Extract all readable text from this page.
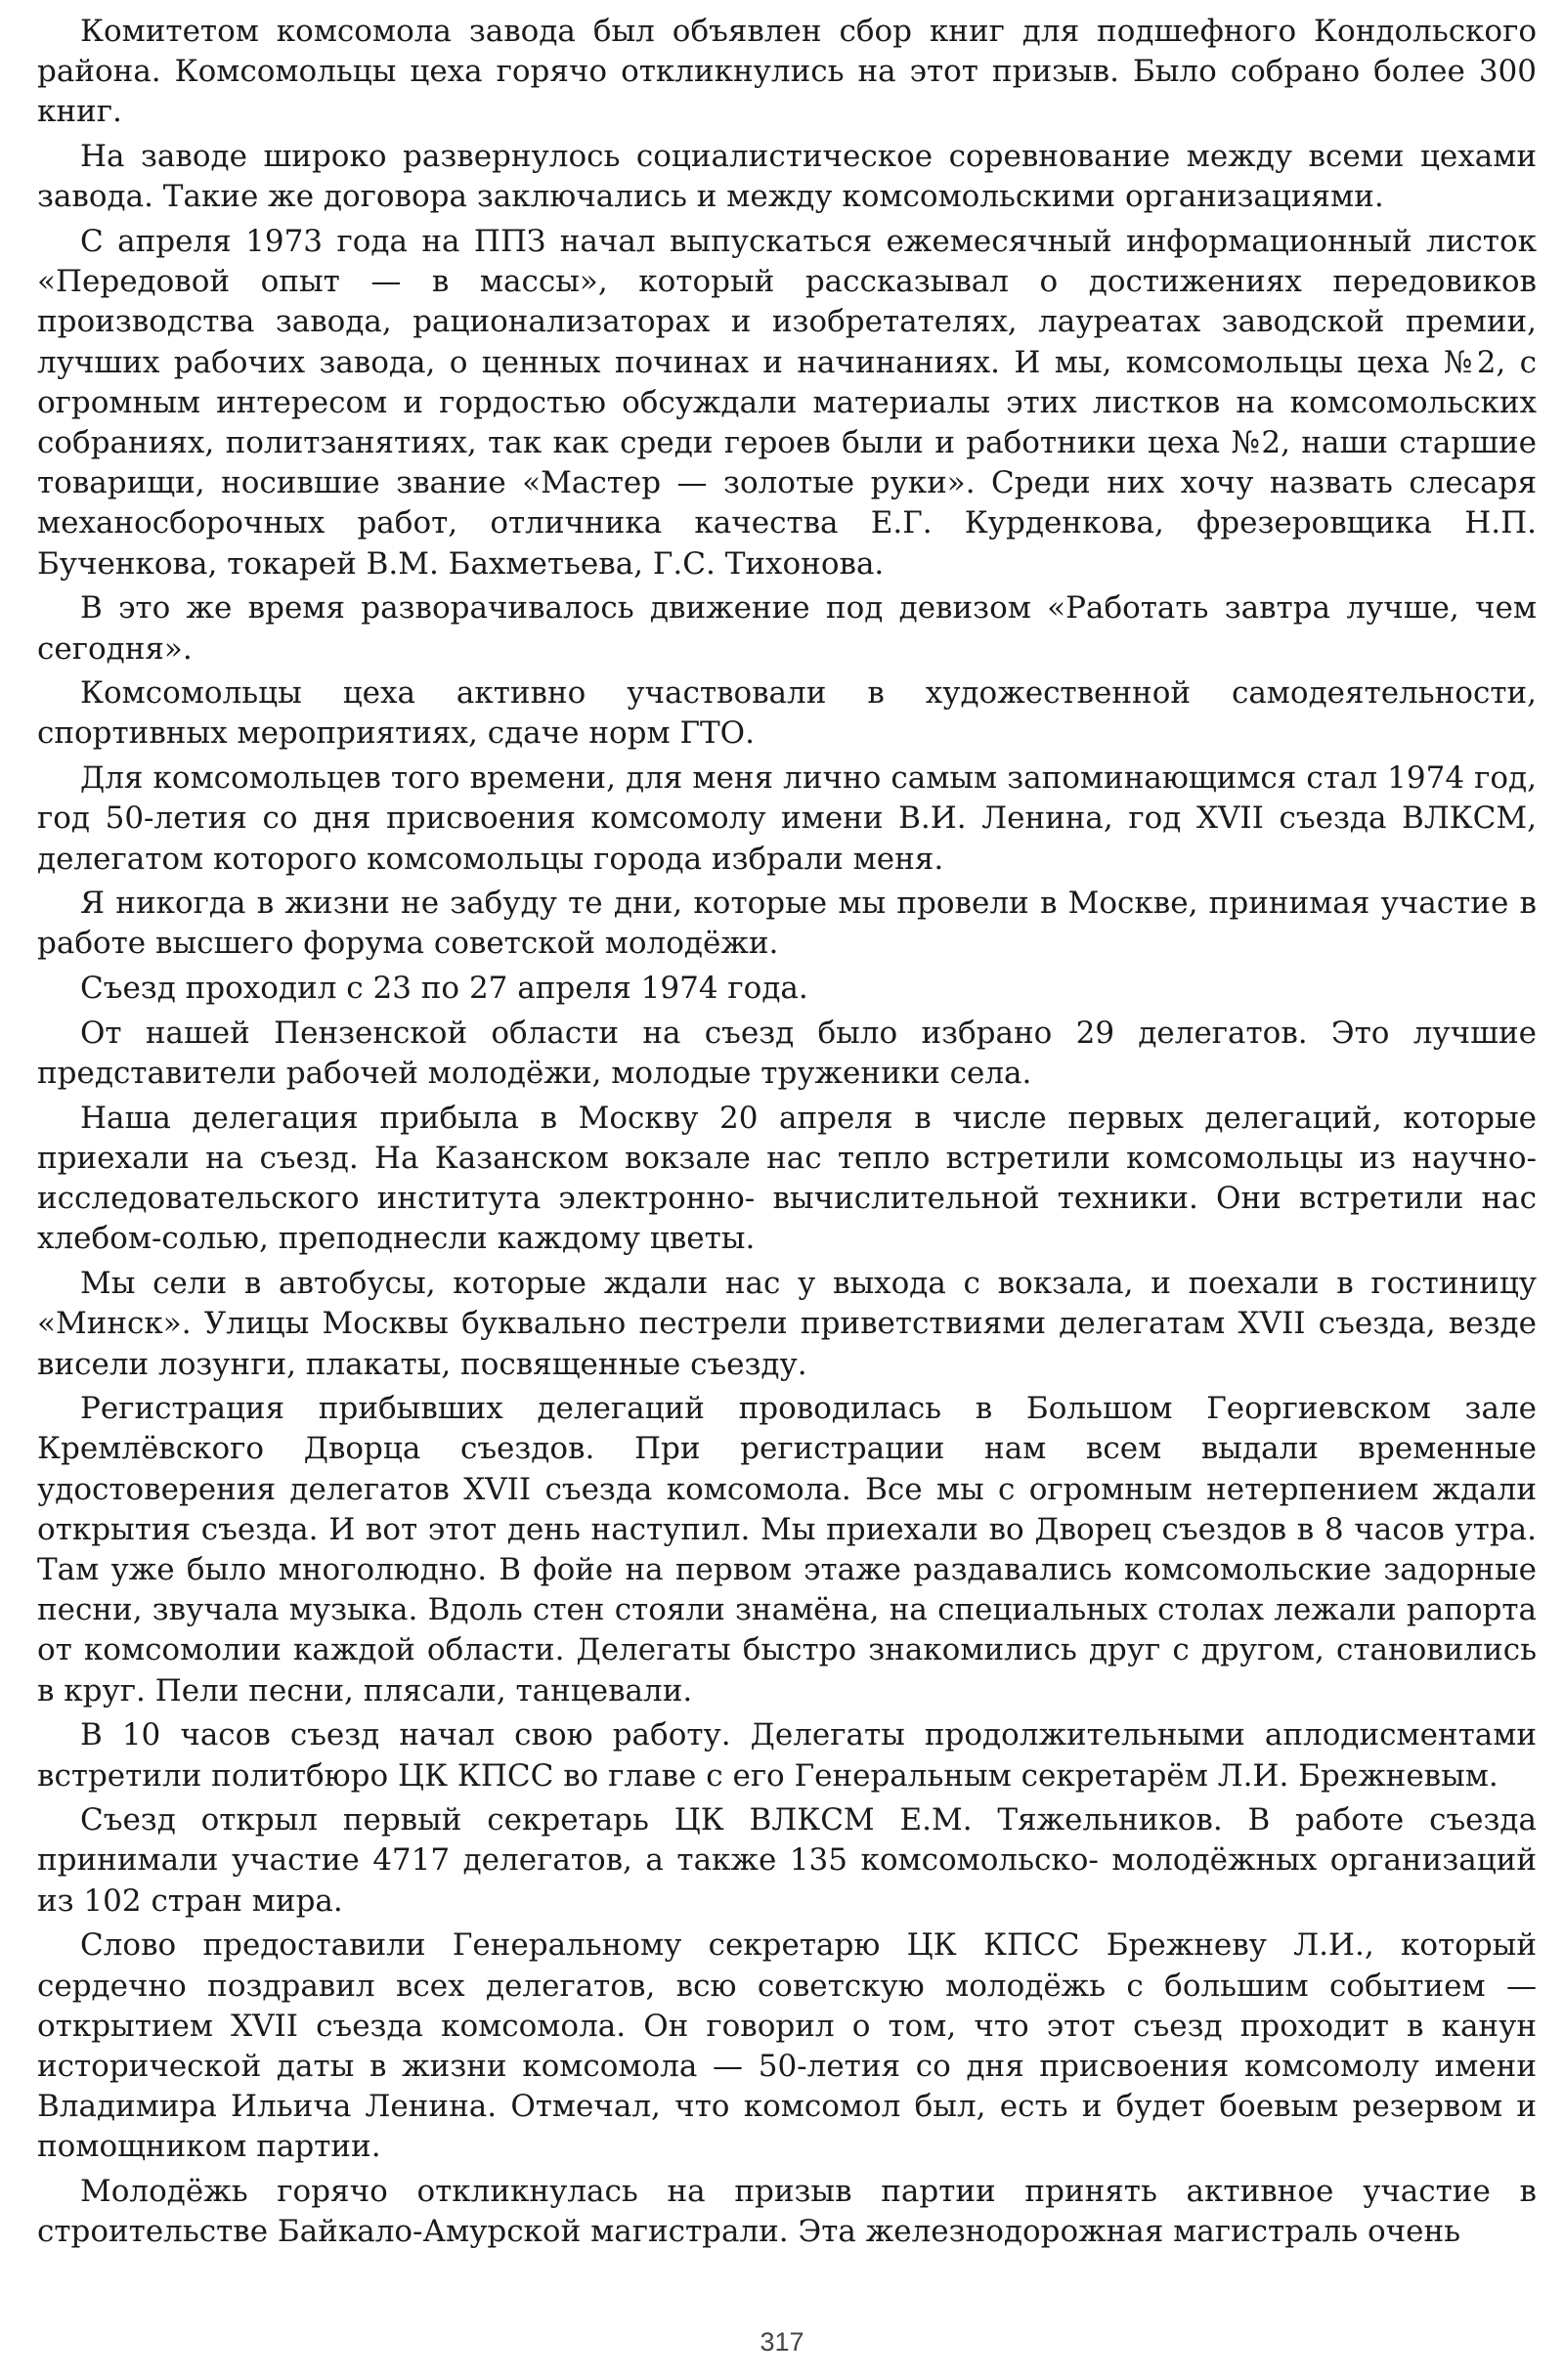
Комитетом комсомола завода был объявлен сбор книг для подшефного Кондольского района. Комсомольцы цеха горячо откликнулись на этот призыв. Было собрано более 300 книг.

На заводе широко развернулось социалистическое соревнование между всеми цехами завода. Такие же договора заключались и между комсомольскими организациями.

С апреля 1973 года на ППЗ начал выпускаться ежемесячный информационный листок «Передовой опыт — в массы», который рассказывал о достижениях передовиков производства завода, рационализаторах и изобретателях, лауреатах заводской премии, лучших рабочих завода, о ценных починах и начинаниях. И мы, комсомольцы цеха №2, с огромным интересом и гордостью обсуждали материалы этих листков на комсомольских собраниях, политзанятиях, так как среди героев были и работники цеха №2, наши старшие товарищи, носившие звание «Мастер — золотые руки». Среди них хочу назвать слесаря механосборочных работ, отличника качества Е.Г. Курденкова, фрезеровщика Н.П. Бученкова, токарей В.М. Бахметьева, Г.С. Тихонова.

В это же время разворачивалось движение под девизом «Работать завтра лучше, чем сегодня».

Комсомольцы цеха активно участвовали в художественной самодеятельности, спортивных мероприятиях, сдаче норм ГТО.

Для комсомольцев того времени, для меня лично самым запоминающимся стал 1974 год, год 50-летия со дня присвоения комсомолу имени В.И. Ленина, год XVII съезда ВЛКСМ, делегатом которого комсомольцы города избрали меня.

Я никогда в жизни не забуду те дни, которые мы провели в Москве, принимая участие в работе высшего форума советской молодёжи.

Съезд проходил с 23 по 27 апреля 1974 года.

От нашей Пензенской области на съезд было избрано 29 делегатов. Это лучшие представители рабочей молодёжи, молодые труженики села.

Наша делегация прибыла в Москву 20 апреля в числе первых делегаций, которые приехали на съезд. На Казанском вокзале нас тепло встретили комсомольцы из научно-исследовательского института электронно- вычислительной техники. Они встретили нас хлебом-солью, преподнесли каждому цветы.

Мы сели в автобусы, которые ждали нас у выхода с вокзала, и поехали в гостиницу «Минск». Улицы Москвы буквально пестрели приветствиями делегатам XVII съезда, везде висели лозунги, плакаты, посвященные съезду.

Регистрация прибывших делегаций проводилась в Большом Георгиевском зале Кремлёвского Дворца съездов. При регистрации нам всем выдали временные удостоверения делегатов XVII съезда комсомола. Все мы с огромным нетерпением ждали открытия съезда. И вот этот день наступил. Мы приехали во Дворец съездов в 8 часов утра. Там уже было многолюдно. В фойе на первом этаже раздавались комсомольские задорные песни, звучала музыка. Вдоль стен стояли знамёна, на специальных столах лежали рапорта от комсомолии каждой области. Делегаты быстро знакомились друг с другом, становились в круг. Пели песни, плясали, танцевали.

В 10 часов съезд начал свою работу. Делегаты продолжительными аплодисментами встретили политбюро ЦК КПСС во главе с его Генеральным секретарём Л.И. Брежневым.

Съезд открыл первый секретарь ЦК ВЛКСМ Е.М. Тяжельников. В работе съезда принимали участие 4717 делегатов, а также 135 комсомольско- молодёжных организаций из 102 стран мира.

Слово предоставили Генеральному секретарю ЦК КПСС Брежневу Л.И., который сердечно поздравил всех делегатов, всю советскую молодёжь с большим событием — открытием XVII съезда комсомола. Он говорил о том, что этот съезд проходит в канун исторической даты в жизни комсомола — 50-летия со дня присвоения комсомолу имени Владимира Ильича Ленина. Отмечал, что комсомол был, есть и будет боевым резервом и помощником партии.

Молодёжь горячо откликнулась на призыв партии принять активное участие в строительстве Байкало-Амурской магистрали. Эта железнодорожная магистраль очень

317
